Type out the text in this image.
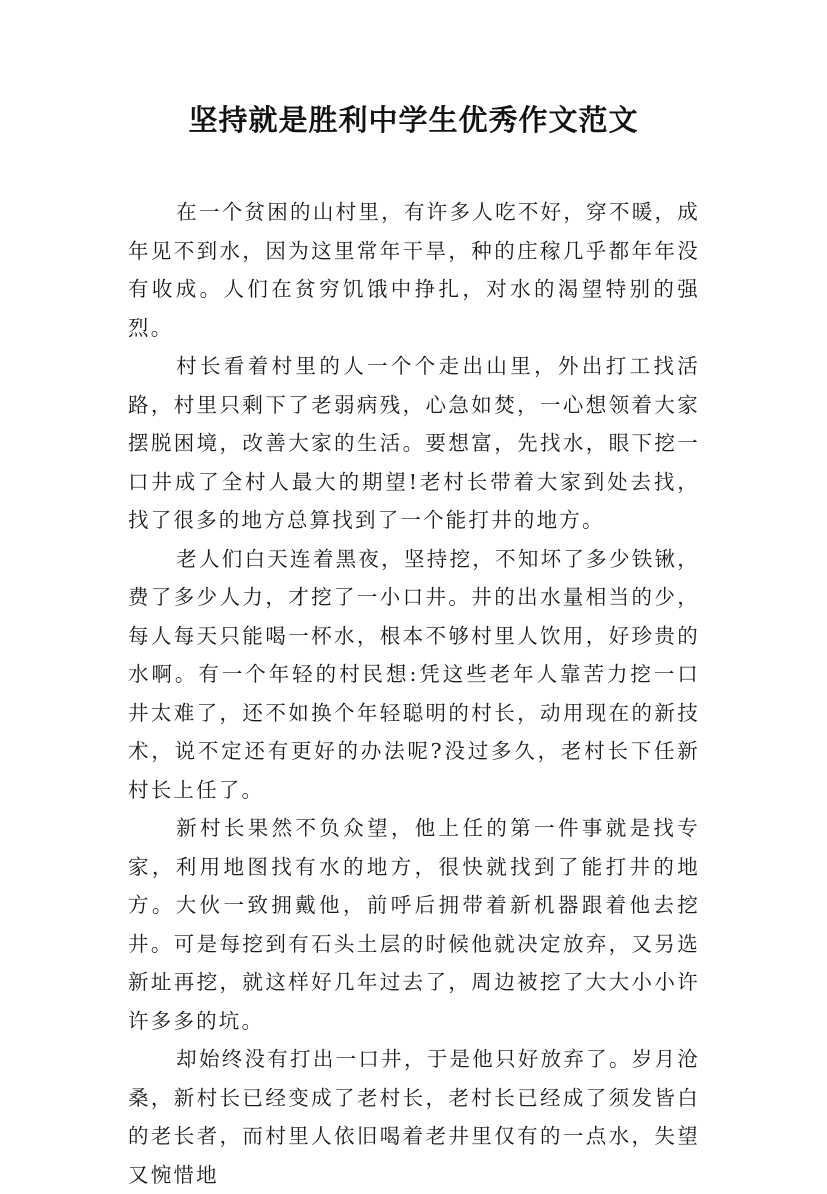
坚持就是胜利中学生优秀作文范文

在一个贫困的山村里，有许多人吃不好，穿不暖，成年见不到水，因为这里常年干旱，种的庄稼几乎都年年没有收成。人们在贫穷饥饿中挣扎，对水的渴望特别的强烈。

村长看着村里的人一个个走出山里，外出打工找活路，村里只剩下了老弱病残，心急如焚，一心想领着大家摆脱困境，改善大家的生活。要想富，先找水，眼下挖一口井成了全村人最大的期望!老村长带着大家到处去找，找了很多的地方总算找到了一个能打井的地方。

老人们白天连着黑夜，坚持挖，不知坏了多少铁锹，费了多少人力，才挖了一小口井。井的出水量相当的少，每人每天只能喝一杯水，根本不够村里人饮用，好珍贵的水啊。有一个年轻的村民想:凭这些老年人靠苦力挖一口井太难了，还不如换个年轻聪明的村长，动用现在的新技术，说不定还有更好的办法呢?没过多久，老村长下任新村长上任了。

新村长果然不负众望，他上任的第一件事就是找专家，利用地图找有水的地方，很快就找到了能打井的地方。大伙一致拥戴他，前呼后拥带着新机器跟着他去挖井。可是每挖到有石头土层的时候他就决定放弃，又另选新址再挖，就这样好几年过去了，周边被挖了大大小小许许多多的坑。

却始终没有打出一口井，于是他只好放弃了。岁月沧桑，新村长已经变成了老村长，老村长已经成了须发皆白的老长者，而村里人依旧喝着老井里仅有的一点水，失望又惋惜地
